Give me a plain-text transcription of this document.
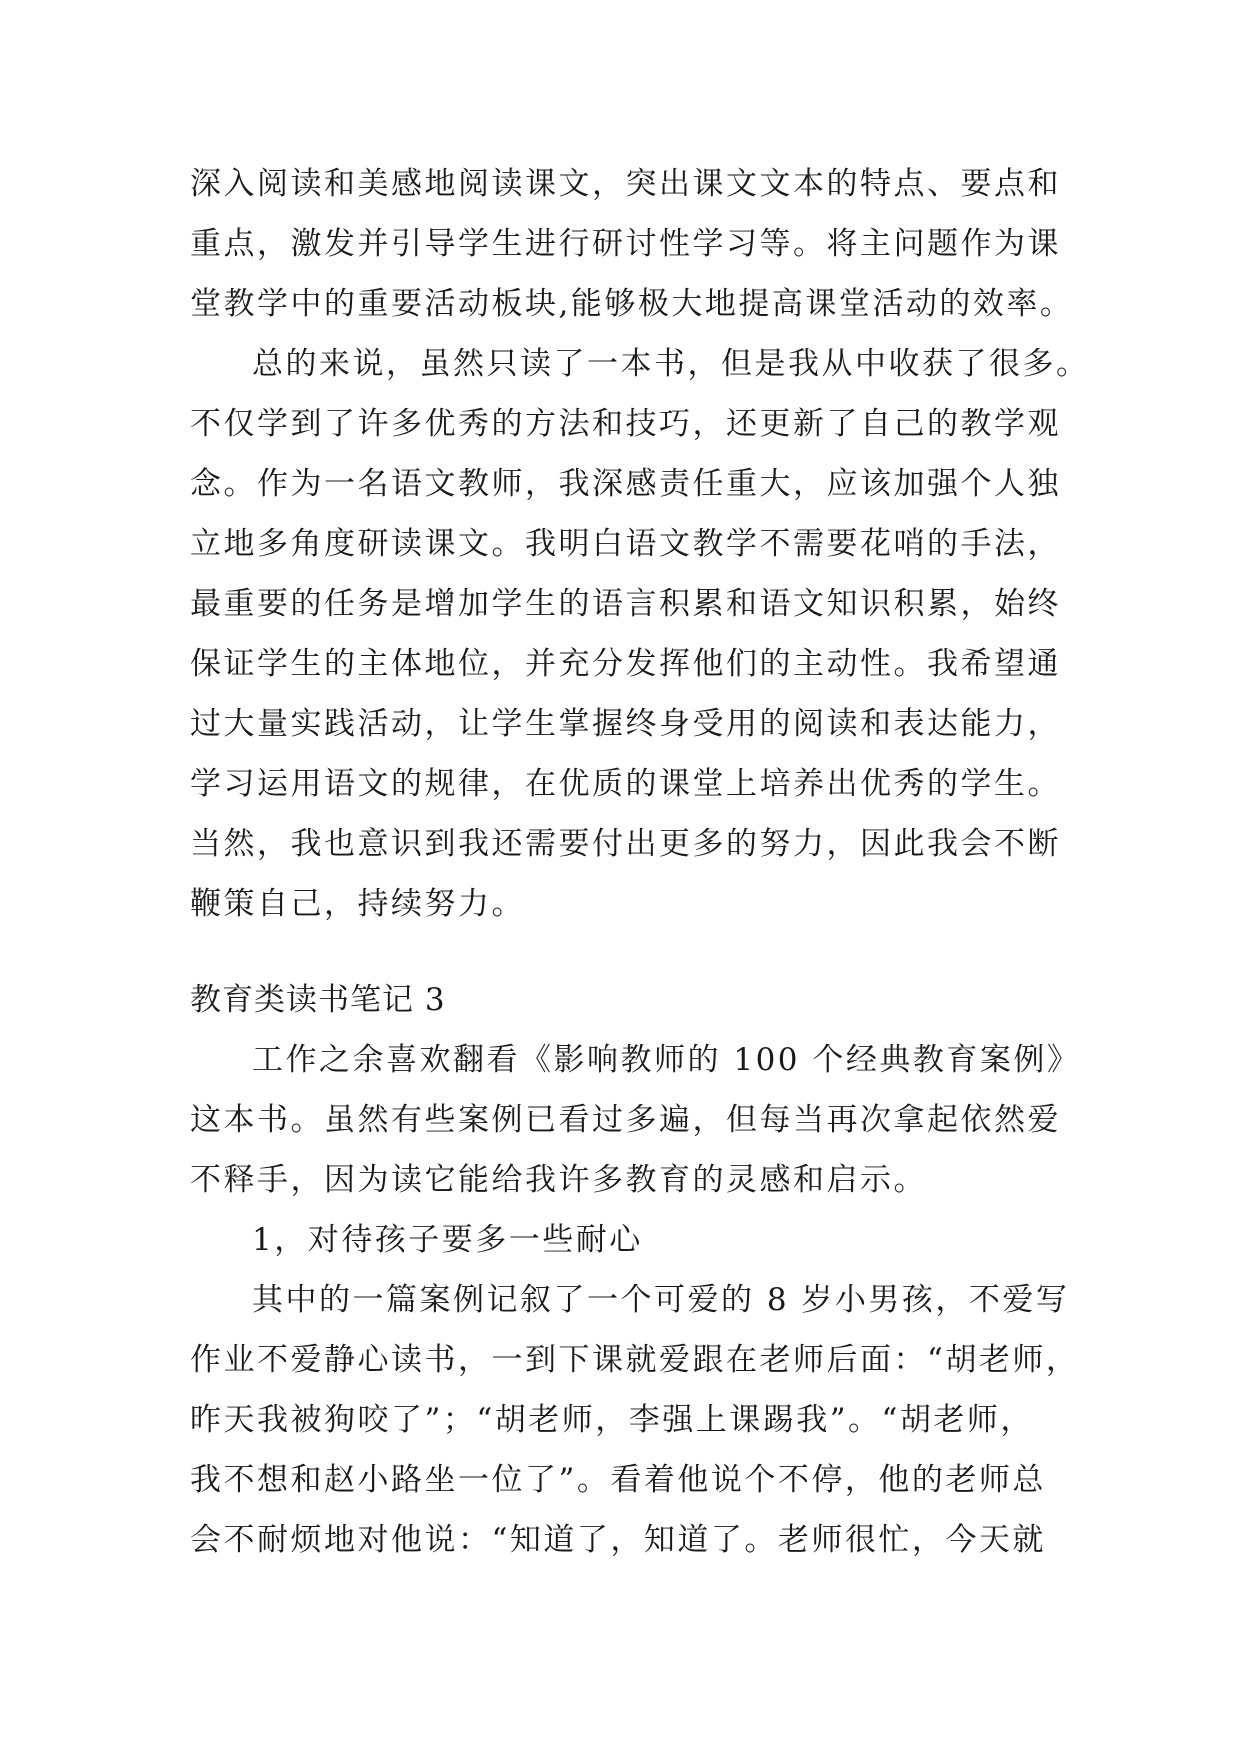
深入阅读和美感地阅读课文，突出课文文本的特点、要点和
重点，激发并引导学生进行研讨性学习等。将主问题作为课
堂教学中的重要活动板块,能够极大地提高课堂活动的效率。
总的来说，虽然只读了一本书，但是我从中收获了很多。
不仅学到了许多优秀的方法和技巧，还更新了自己的教学观
念。作为一名语文教师，我深感责任重大，应该加强个人独
立地多角度研读课文。我明白语文教学不需要花哨的手法，
最重要的任务是增加学生的语言积累和语文知识积累，始终
保证学生的主体地位，并充分发挥他们的主动性。我希望通
过大量实践活动，让学生掌握终身受用的阅读和表达能力，
学习运用语文的规律，在优质的课堂上培养出优秀的学生。
当然，我也意识到我还需要付出更多的努力，因此我会不断
鞭策自己，持续努力。
教育类读书笔记 3
工作之余喜欢翻看《影响教师的 100 个经典教育案例》
这本书。虽然有些案例已看过多遍，但每当再次拿起依然爱
不释手，因为读它能给我许多教育的灵感和启示。
1，对待孩子要多一些耐心
其中的一篇案例记叙了一个可爱的 8 岁小男孩，不爱写
作业不爱静心读书，一到下课就爱跟在老师后面：“胡老师，
昨天我被狗咬了”；“胡老师，李强上课踢我”。“胡老师，
我不想和赵小路坐一位了”。看着他说个不停，他的老师总
会不耐烦地对他说：“知道了，知道了。老师很忙，今天就
